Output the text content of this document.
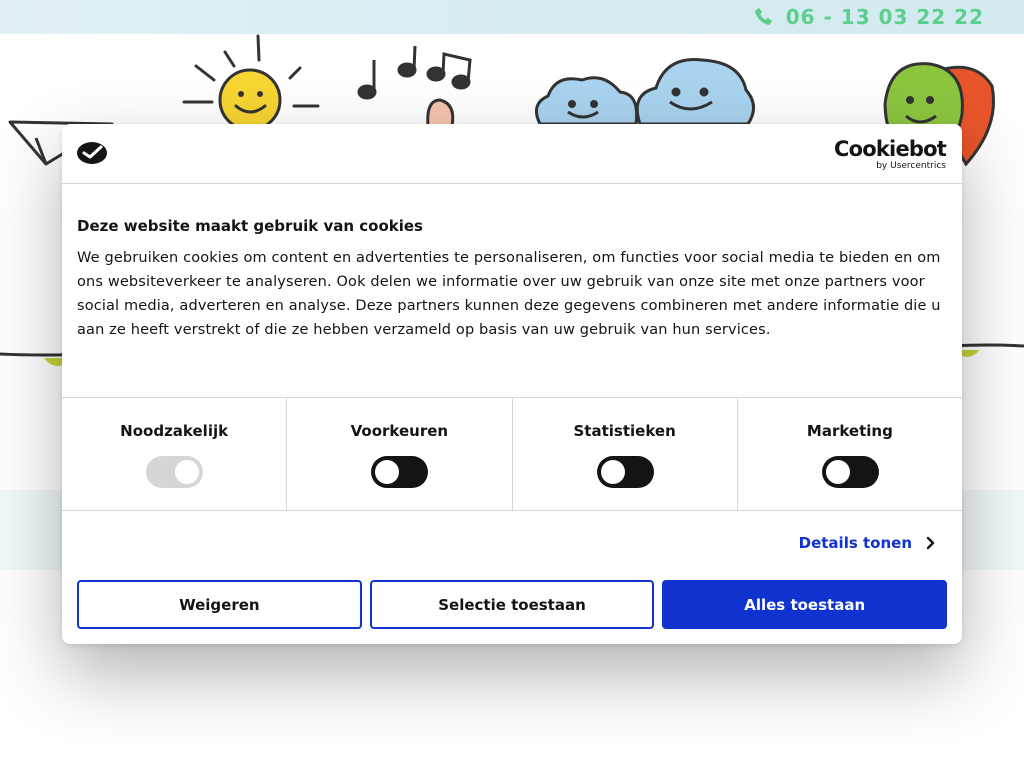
06 - 13 03 22 22
Cookiebot
by Usercentrics
Deze website maakt gebruik van cookies
We gebruiken cookies om content en advertenties te personaliseren, om functies voor social media te bieden en om ons websiteverkeer te analyseren. Ook delen we informatie over uw gebruik van onze site met onze partners voor social media, adverteren en analyse. Deze partners kunnen deze gegevens combineren met andere informatie die u aan ze heeft verstrekt of die ze hebben verzameld op basis van uw gebruik van hun services.
Noodzakelijk	Voorkeuren	Statistieken	Marketing
Details tonen
Weigeren	Selectie toestaan	Alles toestaan
